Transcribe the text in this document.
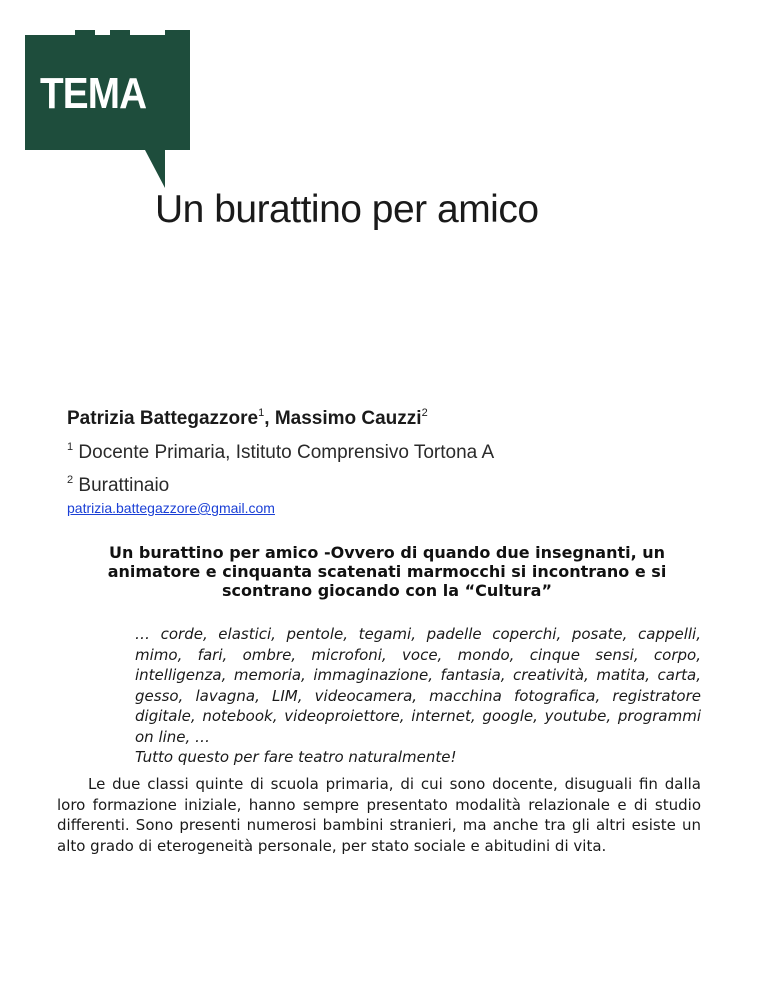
TEMA
Un burattino per amico
Patrizia Battegazzore$^1$, Massimo Cauzzi$^2$
$^1$ Docente Primaria, Istituto Comprensivo Tortona A
$^2$ Burattinaio
patrizia.battegazzore@gmail.com
Un burattino per amico -Ovvero di quando due insegnanti, un animatore e cinquanta scatenati marmocchi si incontrano e si scontrano giocando con la “Cultura”

… corde, elastici, pentole, tegami, padelle coperchi, posate, cappelli, mimo, fari, ombre, microfoni, voce, mondo, cinque sensi, corpo, intelligenza, memoria, immaginazione, fantasia, creatività, matita, carta, gesso, lavagna, LIM, videocamera, macchina fotografica, registratore digitale, notebook, videoproiettore, internet, google, youtube, programmi on line, …

Tutto questo per fare teatro naturalmente!

Le due classi quinte di scuola primaria, di cui sono docente, disuguali fin dalla loro formazione iniziale, hanno sempre presentato modalità relazionale e di studio differenti. Sono presenti numerosi bambini stranieri, ma anche tra gli altri esiste un alto grado di eterogeneità personale, per stato sociale e abitudini di vita.
